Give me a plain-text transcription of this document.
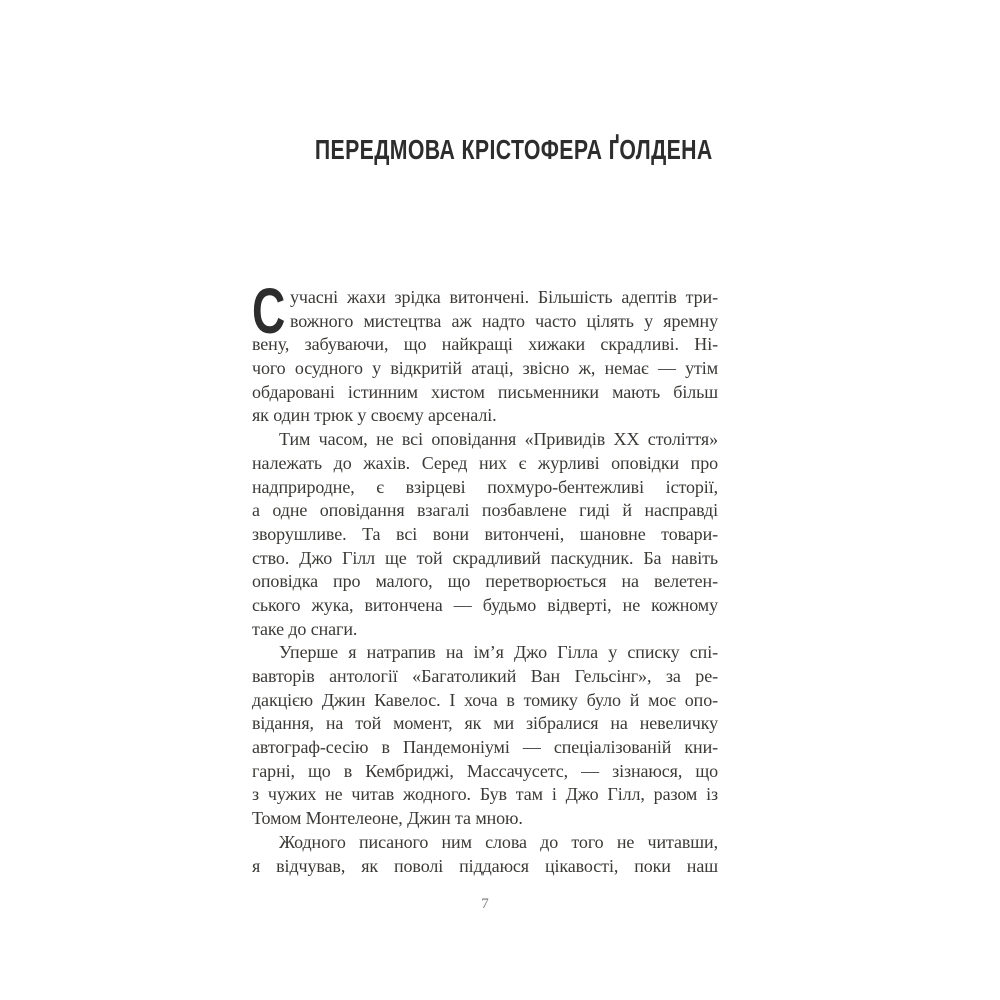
ПЕРЕДМОВА КРІСТОФЕРА ҐОЛДЕНА
С учасні жахи зрідка витончені. Більшість адептів три-
вожного мистецтва аж надто часто цілять у яремну
вену, забуваючи, що найкращі хижаки скрадливі. Ні-
чого осудного у відкритій атаці, звісно ж, немає — утім
обдаровані істинним хистом письменники мають більш
як один трюк у своєму арсеналі.
Тим часом, не всі оповідання «Привидів XX століття»
належать до жахів. Серед них є журливі оповідки про
надприродне, є взірцеві похмуро-бентежливі історії,
а одне оповідання взагалі позбавлене гиді й насправді
зворушливе. Та всі вони витончені, шановне товари-
ство. Джо Гілл ще той скрадливий паскудник. Ба навіть
оповідка про малого, що перетворюється на велетен-
ського жука, витончена — будьмо відверті, не кожному
таке до снаги.
Уперше я натрапив на ім’я Джо Гілла у списку спі-
вавторів антології «Багатоликий Ван Гельсінг», за ре-
дакцією Джин Кавелос. І хоча в томику було й моє опо-
відання, на той момент, як ми зібралися на невеличку
автограф-сесію в Пандемоніумі — спеціалізованій кни-
гарні, що в Кембриджі, Массачусетс, — зізнаюся, що
з чужих не читав жодного. Був там і Джо Гілл, разом із
Томом Монтелеоне, Джин та мною.
Жодного писаного ним слова до того не читавши,
я відчував, як поволі піддаюся цікавості, поки наш
7
